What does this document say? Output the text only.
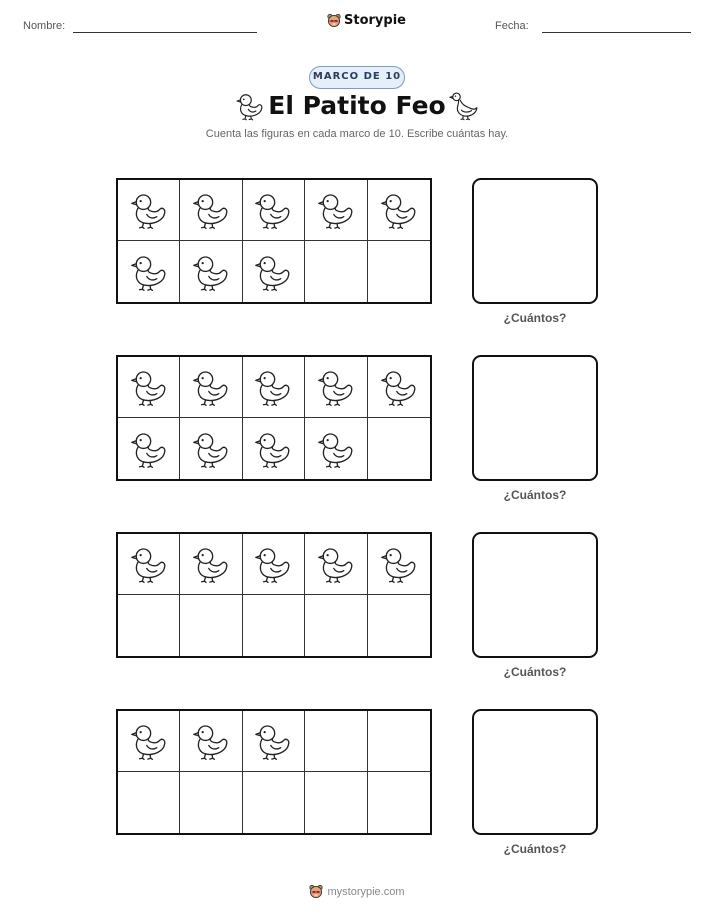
Nombre:	Storypie	Fecha:
MARCO DE 10
El Patito Feo
Cuenta las figuras en cada marco de 10. Escribe cuántas hay.
¿Cuántos?
¿Cuántos?
¿Cuántos?
¿Cuántos?
mystorypie.com
